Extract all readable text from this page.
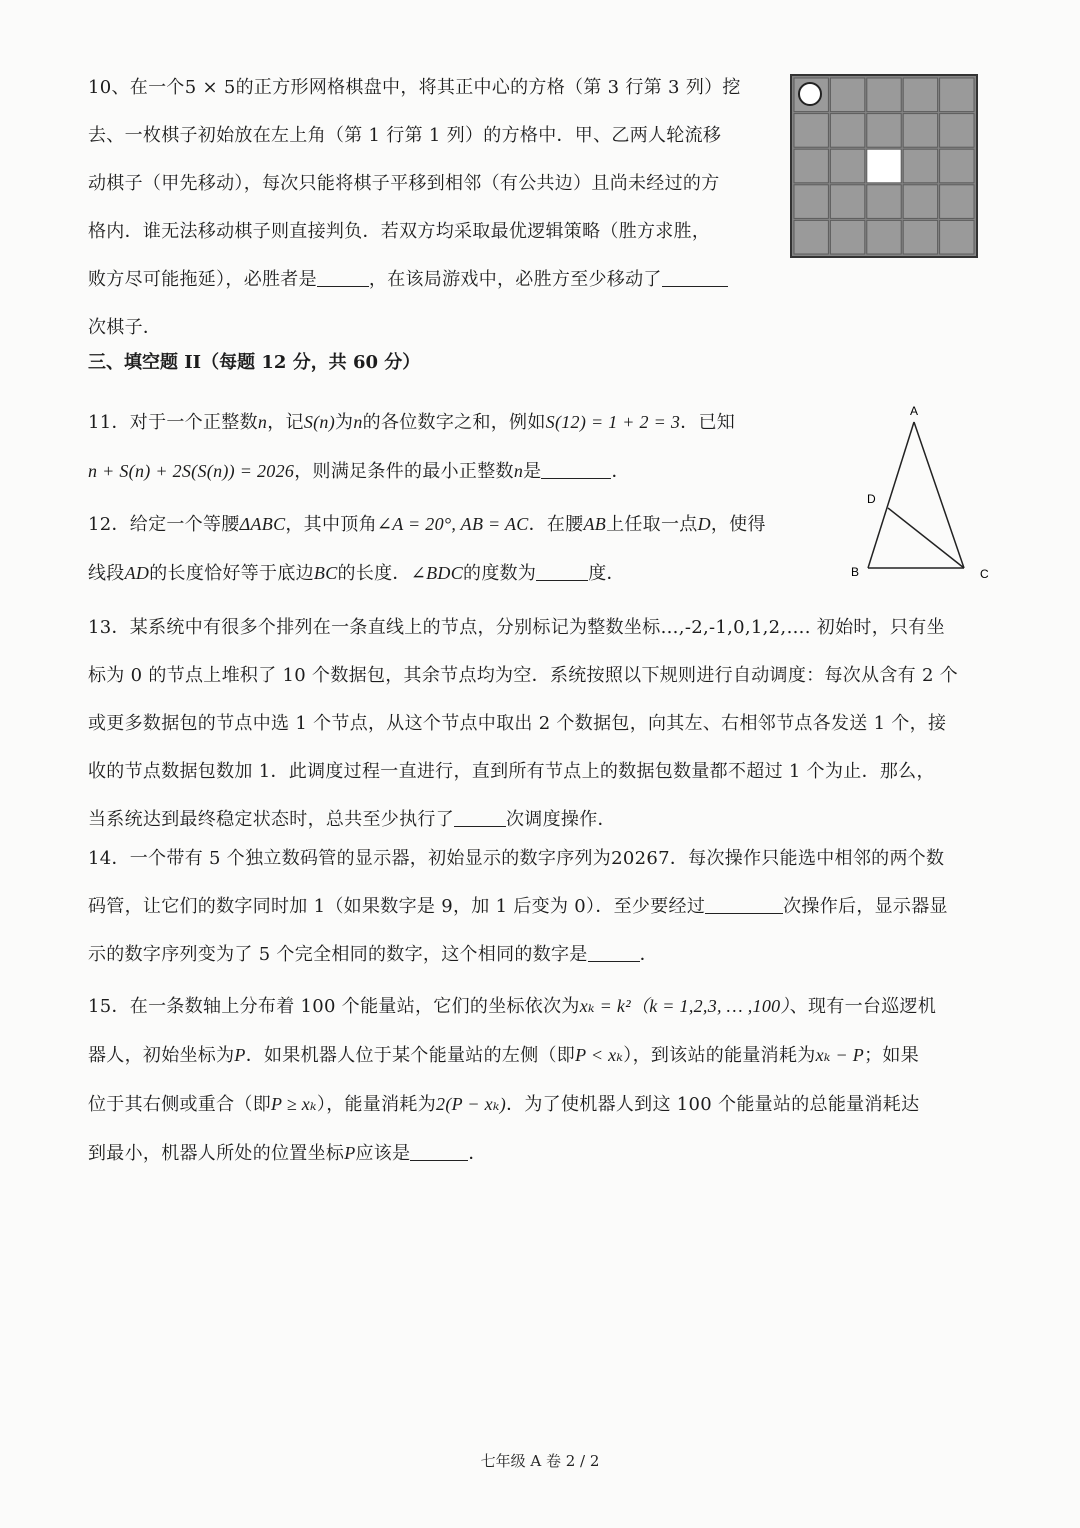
10、在一个5 × 5的正方形网格棋盘中，将其正中心的方格（第 3 行第 3 列）挖
去、一枚棋子初始放在左上角（第 1 行第 1 列）的方格中．甲、乙两人轮流移
动棋子（甲先移动），每次只能将棋子平移到相邻（有公共边）且尚未经过的方
格内．谁无法移动棋子则直接判负．若双方均采取最优逻辑策略（胜方求胜，
败方尽可能拖延），必胜者是	，在该局游戏中，必胜方至少移动了
次棋子．
三、填空题 II（每题 12 分，共 60 分）
11．对于一个正整数n，记S(n)为n的各位数字之和，例如S(12) = 1 + 2 = 3．已知
n + S(n) + 2S(S(n)) = 2026，则满足条件的最小正整数n是	．
12．给定一个等腰ΔABC，其中顶角∠A = 20°, AB = AC．在腰AB上任取一点D，使得
线段AD的长度恰好等于底边BC的长度．∠BDC的度数为	度．
A
B	C
D
13．某系统中有很多个排列在一条直线上的节点，分别标记为整数坐标…,-2,-1,0,1,2,…. 初始时，只有坐
标为 0 的节点上堆积了 10 个数据包，其余节点均为空．系统按照以下规则进行自动调度：每次从含有 2 个
或更多数据包的节点中选 1 个节点，从这个节点中取出 2 个数据包，向其左、右相邻节点各发送 1 个，接
收的节点数据包数加 1．此调度过程一直进行，直到所有节点上的数据包数量都不超过 1 个为止．那么，
当系统达到最终稳定状态时，总共至少执行了	次调度操作．
14．一个带有 5 个独立数码管的显示器，初始显示的数字序列为20267．每次操作只能选中相邻的两个数
码管，让它们的数字同时加 1（如果数字是 9，加 1 后变为 0）．至少要经过	次操作后，显示器显
示的数字序列变为了 5 个完全相同的数字，这个相同的数字是	．
15．在一条数轴上分布着 100 个能量站，它们的坐标依次为xₖ = k²（k = 1,2,3, … ,100）、现有一台巡逻机
器人，初始坐标为P．如果机器人位于某个能量站的左侧（即P < xₖ），到该站的能量消耗为xₖ − P；如果
位于其右侧或重合（即P ≥ xₖ），能量消耗为2(P − xₖ)．为了使机器人到这 100 个能量站的总能量消耗达
到最小，机器人所处的位置坐标P应该是	．
七年级 A 卷 2 / 2
